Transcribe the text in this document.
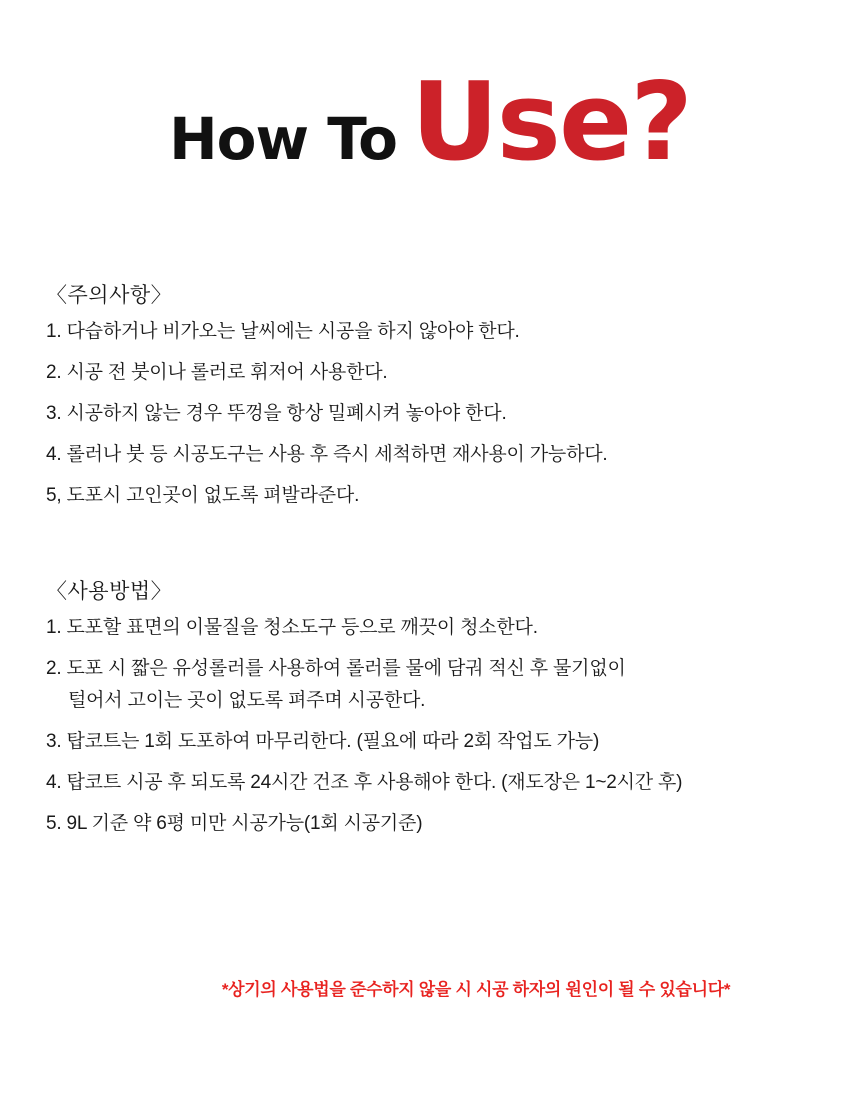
How To Use?
〈주의사항〉

1. 다습하거나 비가오는 날씨에는 시공을 하지 않아야 한다.

2. 시공 전 붓이나 롤러로 휘저어 사용한다.

3. 시공하지 않는 경우 뚜껑을 항상 밀폐시켜 놓아야 한다.

4. 롤러나 붓 등 시공도구는 사용 후 즉시 세척하면 재사용이 가능하다.

5, 도포시 고인곳이 없도록 펴발라준다.

〈사용방법〉

1. 도포할 표면의 이물질을 청소도구 등으로 깨끗이 청소한다.

2. 도포 시 짧은 유성롤러를 사용하여 롤러를 물에 담궈 적신 후 물기없이

털어서 고이는 곳이 없도록 펴주며 시공한다.

3. 탑코트는 1회 도포하여 마무리한다. (필요에 따라 2회 작업도 가능)

4. 탑코트 시공 후 되도록 24시간 건조 후 사용해야 한다. (재도장은 1~2시간 후)

5. 9L 기준 약 6평 미만 시공가능(1회 시공기준)

*상기의 사용법을 준수하지 않을 시 시공 하자의 원인이 될 수 있습니다*
